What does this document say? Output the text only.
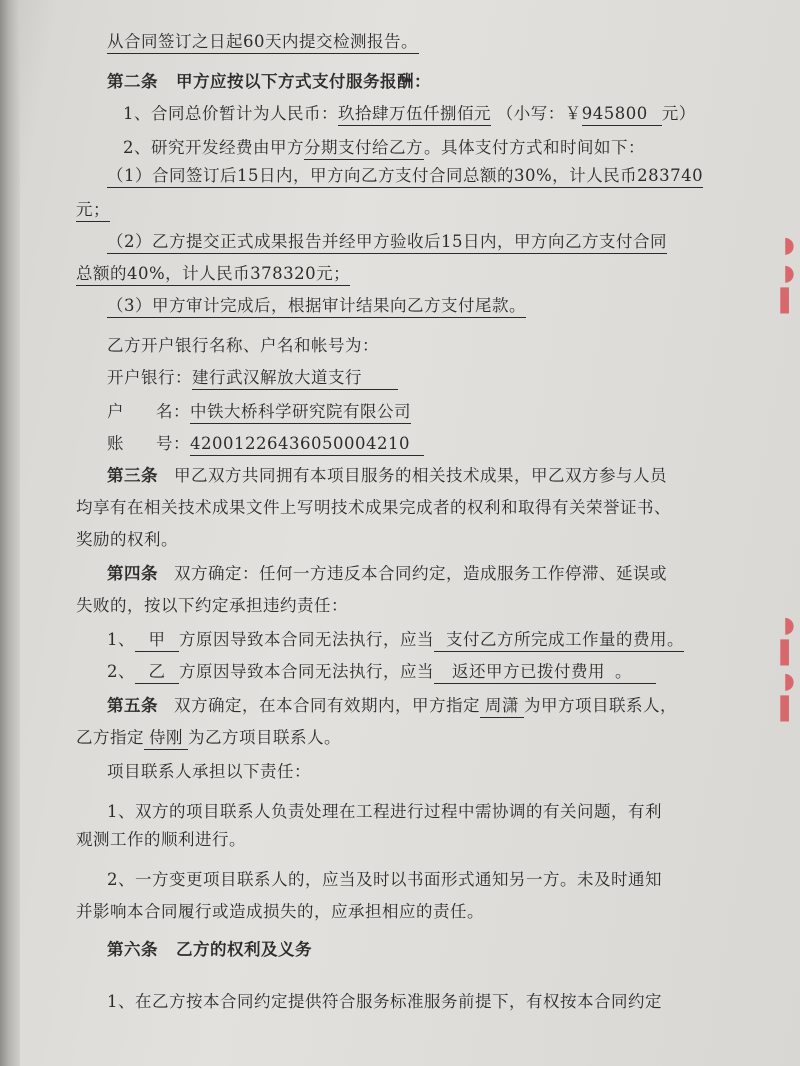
◗
◗
▌
◗
▌
◗
▌
从合同签订之日起60天内提交检测报告。
第二条 甲方应按以下方式支付服务报酬：
1、合同总价暂计为人民币：玖拾肆万伍仟捌佰元 （小写：￥945800 元）
2、研究开发经费由甲方分期支付给乙方。具体支付方式和时间如下：
（1）合同签订后15日内，甲方向乙方支付合同总额的30%，计人民币283740
元；
（2）乙方提交正式成果报告并经甲方验收后15日内，甲方向乙方支付合同
总额的40%，计人民币378320元；
（3）甲方审计完成后，根据审计结果向乙方支付尾款。
乙方开户银行名称、户名和帐号为：
开户银行：建行武汉解放大道支行
户 名：中铁大桥科学研究院有限公司
账 号：42001226436050004210
第三条 甲乙双方共同拥有本项目服务的相关技术成果，甲乙双方参与人员
均享有在相关技术成果文件上写明技术成果完成者的权利和取得有关荣誉证书、
奖励的权利。
第四条 双方确定：任何一方违反本合同约定，造成服务工作停滞、延误或
失败的，按以下约定承担违约责任：
1、 甲 方原因导致本合同无法执行，应当 支付乙方所完成工作量的费用。
2、 乙 方原因导致本合同无法执行，应当 返还甲方已拨付费用 。
第五条 双方确定，在本合同有效期内，甲方指定 周潇 为甲方项目联系人，
乙方指定 侍刚 为乙方项目联系人。
项目联系人承担以下责任：
1、双方的项目联系人负责处理在工程进行过程中需协调的有关问题，有利
观测工作的顺利进行。
2、一方变更项目联系人的，应当及时以书面形式通知另一方。未及时通知
并影响本合同履行或造成损失的，应承担相应的责任。
第六条 乙方的权利及义务
1、在乙方按本合同约定提供符合服务标准服务前提下，有权按本合同约定
